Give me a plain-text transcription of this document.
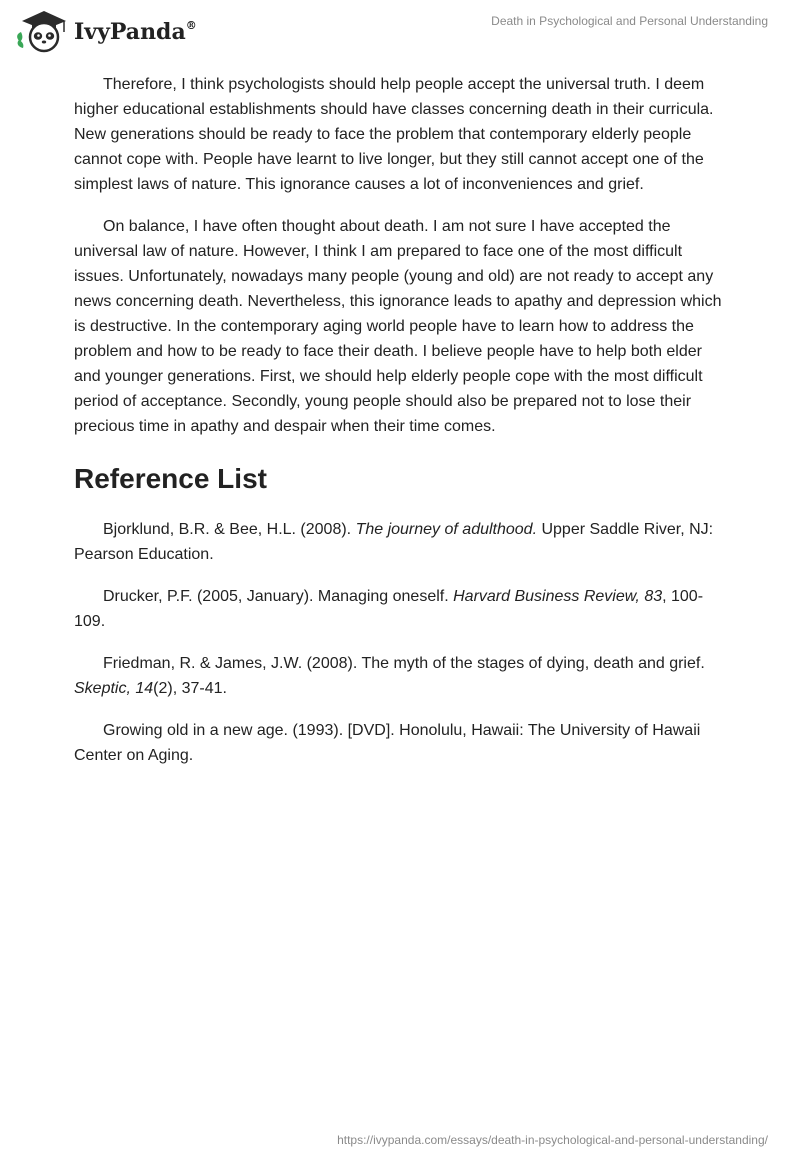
IvyPanda®	Death in Psychological and Personal Understanding

Therefore, I think psychologists should help people accept the universal truth. I deem higher educational establishments should have classes concerning death in their curricula. New generations should be ready to face the problem that contemporary elderly people cannot cope with. People have learnt to live longer, but they still cannot accept one of the simplest laws of nature. This ignorance causes a lot of inconveniences and grief.

On balance, I have often thought about death. I am not sure I have accepted the universal law of nature. However, I think I am prepared to face one of the most difficult issues. Unfortunately, nowadays many people (young and old) are not ready to accept any news concerning death. Nevertheless, this ignorance leads to apathy and depression which is destructive. In the contemporary aging world people have to learn how to address the problem and how to be ready to face their death. I believe people have to help both elder and younger generations. First, we should help elderly people cope with the most difficult period of acceptance. Secondly, young people should also be prepared not to lose their precious time in apathy and despair when their time comes.

Reference List

Bjorklund, B.R. & Bee, H.L. (2008). The journey of adulthood. Upper Saddle River, NJ: Pearson Education.

Drucker, P.F. (2005, January). Managing oneself. Harvard Business Review, 83, 100-109.

Friedman, R. & James, J.W. (2008). The myth of the stages of dying, death and grief. Skeptic, 14(2), 37-41.

Growing old in a new age. (1993). [DVD]. Honolulu, Hawaii: The University of Hawaii Center on Aging.

https://ivypanda.com/essays/death-in-psychological-and-personal-understanding/
